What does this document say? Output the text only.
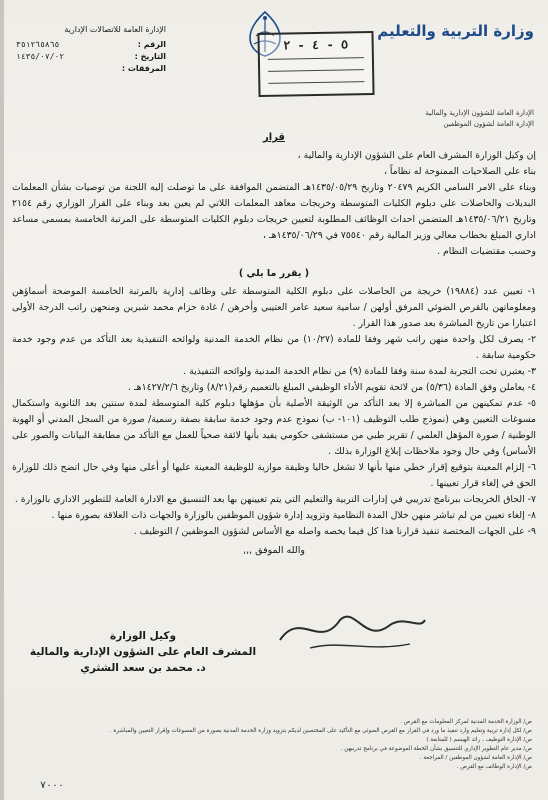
وزارة التربية والتعليم
الإدارة العامة للشؤون الإدارية والمالية
الإدارة العامة لشؤون الموظفين
٥ - ٤ - ٢
الإدارة العامة للاتصالات الإدارية
الرقم :
٣٥١٢٦٥٨٦٥
التاريخ :
١٤٣٥/٠٧/٠٢
المرفقات :
قرار

إن وكيل الوزارة المشرف العام على الشؤون الإدارية والمالية ،

بناء على الصلاحيات الممنوحة له نظاماً ،

وبناء على الامر السامي الكريم ٢٠٤٧٩ وتاريخ ١٤٣٥/٠٥/٢٩هـ المتضمن الموافقة على ما توصلت إليه اللجنة من توصيات بشأن المعلمات البديلات والحاصلات على دبلوم الكليات المتوسطة وخريجات معاهد المعلمات اللاتي لم يعين بعد وبناء على القرار الوزاري رقم ٢١٥٤ وتاريخ ١٤٣٥/٠٦/٢١هـ المتضمن احداث الوظائف المطلوبة لتعيين خريجات دبلوم الكليات المتوسطة على المرتبة الخامسة بمسمى مساعد اداري المبلغ بخطاب معالي وزير المالية رقم ٧٥٥٤٠ في ١٤٣٥/٠٦/٢٩هـ ،

وحسب مقتضيات النظام .

( يقرر ما يلي )

١- تعيين عدد (١٩٨٨٤) خريجة من الحاصلات على دبلوم الكلية المتوسطة على وظائف إدارية بالمرتبة الخامسة الموضحة أسماؤهن ومعلوماتهن بالقرص الضوئي المرفق أولهن / سامية سعيد عامر العتيبي وأخرهن / غادة حزام محمد شبرين ومنحهن راتب الدرجة الأولى اعتبارا من تاريخ المباشرة بعد صدور هذا القرار .

٢- يصرف لكل واحدة منهن راتب شهر وفقا للمادة (١٠/٢٧) من نظام الخدمة المدنية ولوائحه التنفيذية بعد التأكد من عدم وجود خدمة حكومية سابقة .

٣- يعتبرن تحت التجربة لمدة سنة وفقا للمادة (٩) من نظام الخدمة المدنية ولوائحه التنفيذية .

٤- يعاملن وفق المادة (٥/٣٦) من لائحة تقويم الأداء الوظيفي المبلغ بالتعميم رقم(٨/٢١) وتاريخ ١٤٢٧/٢/٦هـ .

٥- عدم تمكينهن من المباشرة إلا بعد التأكد من الوثيقة الأصلية بأن مؤهلها دبلوم كلية المتوسطة لمدة سنتين بعد الثانوية واستكمال مسوغات التعيين وهي (نموذج طلب التوظيف (١٠١- ب) نموذج عدم وجود خدمة سابقة بصفة رسمية/ صورة من السجل المدني أو الهوية الوطنية / صورة المؤهل العلمي / تقرير طبي من مستشفى حكومي يفيد بأنها لائقة صحياً للعمل مع التأكد من مطابقة البيانات والصور على الأساس) وفي حال وجود ملاحظات إبلاغ الوزارة بذلك .

٦- إلزام المعينة بتوقيع إقرار خطي منها بأنها لا تشغل حاليا وظيفة موازية للوظيفة المعينة عليها أو أعلى منها وفي حال اتضح ذلك للوزارة الحق في إلغاء قرار تعيينها .

٧- الحاق الخريجات ببرنامج تدريبي في إدارات التربية والتعليم التي يتم تعيينهن بها بعد التنسيق مع الادارة العامة للتطوير الاداري بالوزارة .

٨- إلغاء تعيين من لم تباشر منهن خلال المدة النظامية وتزويد إدارة شؤون الموظفين بالوزارة والجهات ذات العلاقة بصورة منها .

٩- على الجهات المختصة تنفيذ قرارنا هذا كل فيما يخصه واصله مع الأساس لشؤون الموظفين / التوظيف .

والله الموفق ,,,
وكيل الوزارة
المشرف العام على الشؤون الإدارية والمالية
د. محمد بن سعد الشثري
ص/ الوزارة الخدمة المدنية لمركز المعلومات مع القرص .
ص/ لكل إدارة تربية وتعليم وارد تنفيذ ما ورد في القرار مع القرص الضوئي مع التأكيد على المختصين لديكم بتزويد وزارة الخدمة المدنية بصورة من المسوغات وإقرار التعيين والمباشرة .
ص/ الإدارة التوظيف ، رائد الهيسم ( للمتابعة )
ص/ مدير عام التطوير الإداري للتنسيق بشأن الخطة الموضوعة في برنامج تدريبهن .
ص/ الإدارة العامة لشؤون الموظفين / المراجعة .
ص/ الإدارة الوظائف مع القرص .
٧٠٠٠
